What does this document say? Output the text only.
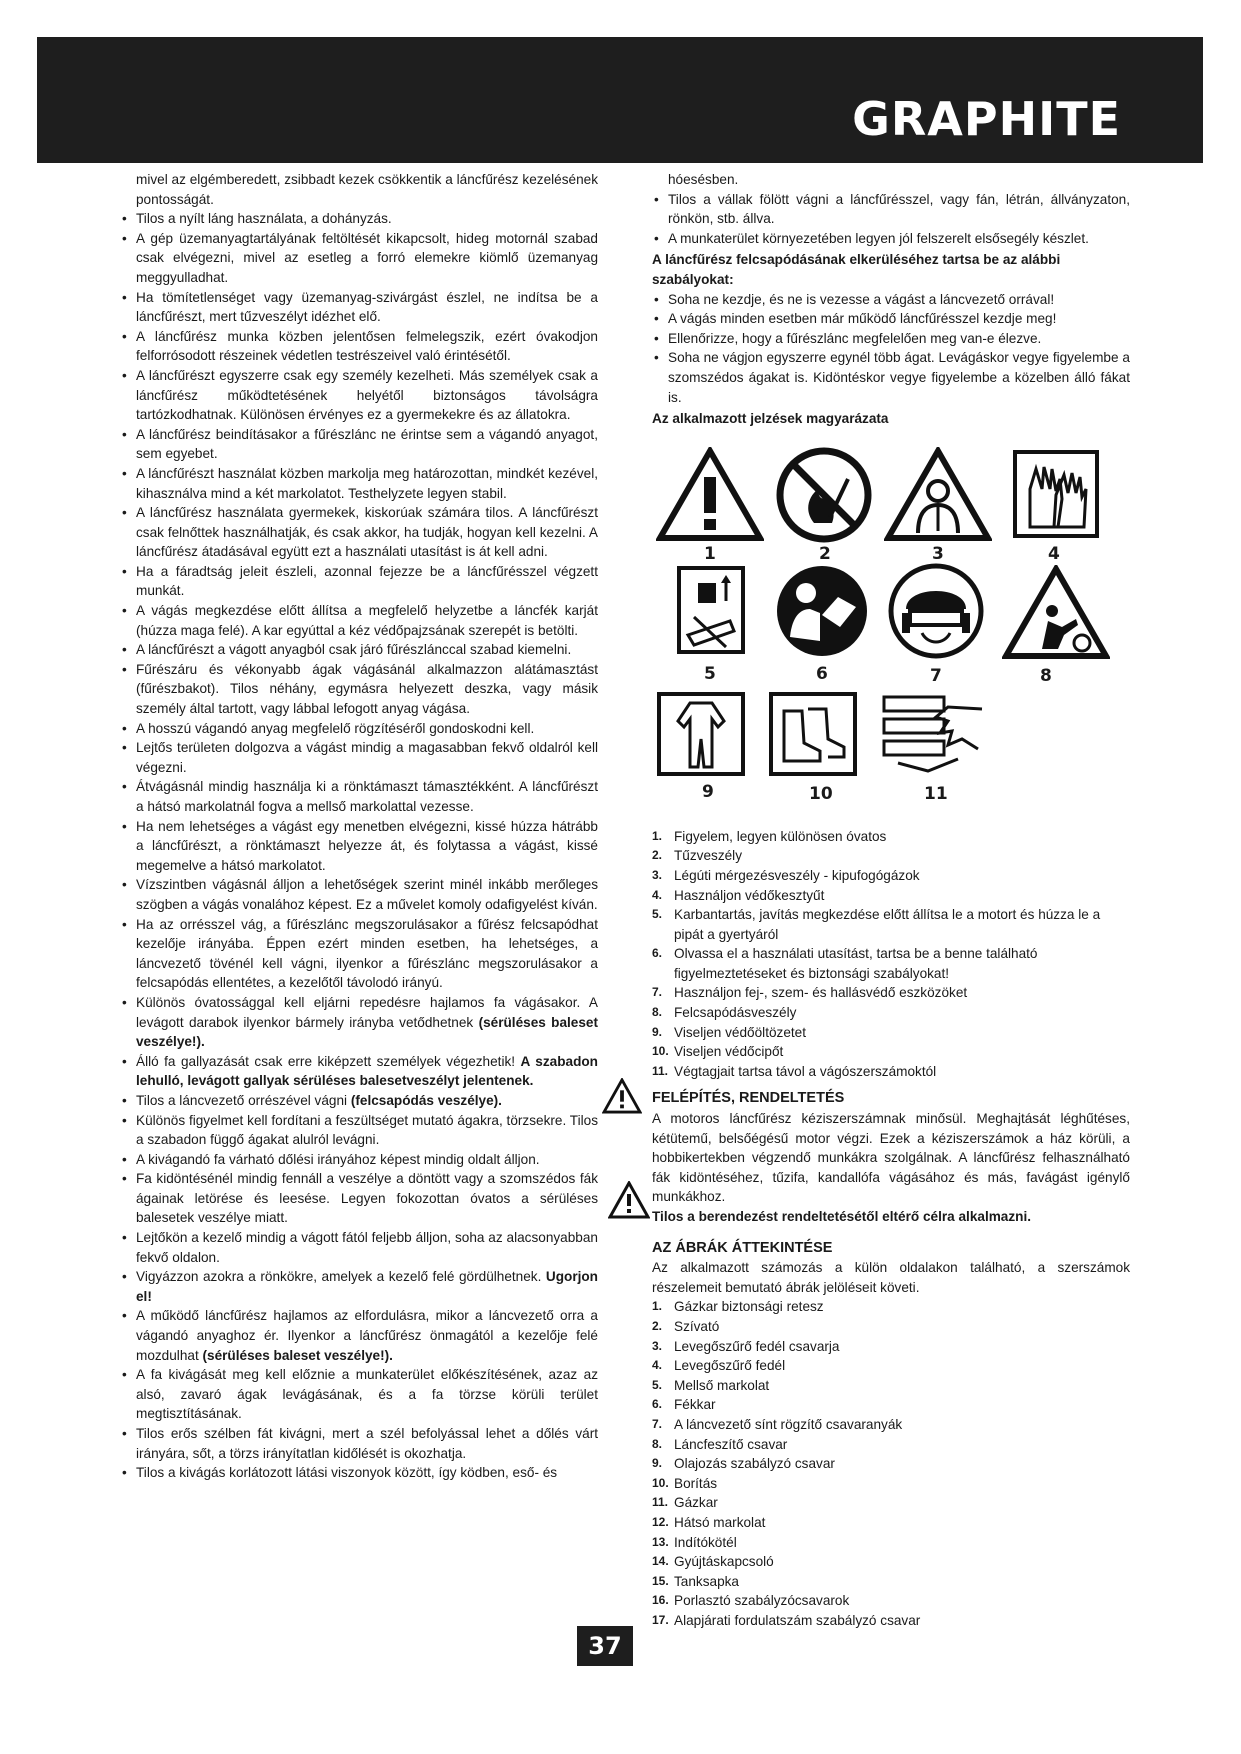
GRAPHITE
mivel az elgémberedett, zsibbadt kezek csökkentik a láncfűrész kezelésének pontosságát.
• Tilos a nyílt láng használata, a dohányzás.
• A gép üzemanyagtartályának feltöltését kikapcsolt, hideg motornál szabad csak elvégezni, mivel az esetleg a forró elemekre kiömlő üzemanyag meggyulladhat.
• Ha tömítetlenséget vagy üzemanyag-szivárgást észlel, ne indítsa be a láncfűrészt, mert tűzveszélyt idézhet elő.
• A láncfűrész munka közben jelentősen felmelegszik, ezért óvakodjon felforrósodott részeinek védetlen testrészeivel való érintésétől.
• A láncfűrészt egyszerre csak egy személy kezelheti. Más személyek csak a láncfűrész működtetésének helyétől biztonságos távolságra tartózkodhatnak. Különösen érvényes ez a gyermekekre és az állatokra.
• A láncfűrész beindításakor a fűrészlánc ne érintse sem a vágandó anyagot, sem egyebet.
• A láncfűrészt használat közben markolja meg határozottan, mindkét kezével, kihasználva mind a két markolatot. Testhelyzete legyen stabil.
• A láncfűrész használata gyermekek, kiskorúak számára tilos. A láncfűrészt csak felnőttek használhatják, és csak akkor, ha tudják, hogyan kell kezelni. A láncfűrész átadásával együtt ezt a használati utasítást is át kell adni.
• Ha a fáradtság jeleit észleli, azonnal fejezze be a láncfűrésszel végzett munkát.
• A vágás megkezdése előtt állítsa a megfelelő helyzetbe a láncfék karját (húzza maga felé). A kar egyúttal a kéz védőpajzsának szerepét is betölti.
• A láncfűrészt a vágott anyagból csak járó fűrészlánccal szabad kiemelni.
• Fűrészáru és vékonyabb ágak vágásánál alkalmazzon alátámasztást (fűrészbakot). Tilos néhány, egymásra helyezett deszka, vagy másik személy által tartott, vagy lábbal lefogott anyag vágása.
• A hosszú vágandó anyag megfelelő rögzítéséről gondoskodni kell.
• Lejtős területen dolgozva a vágást mindig a magasabban fekvő oldalról kell végezni.
• Átvágásnál mindig használja ki a rönktámaszt támasztékként. A láncfűrészt a hátsó markolatnál fogva a mellső markolattal vezesse.
• Ha nem lehetséges a vágást egy menetben elvégezni, kissé húzza hátrább a láncfűrészt, a rönktámaszt helyezze át, és folytassa a vágást, kissé megemelve a hátsó markolatot.
• Vízszintben vágásnál álljon a lehetőségek szerint minél inkább merőleges szögben a vágás vonalához képest. Ez a művelet komoly odafigyelést kíván.
• Ha az orrésszel vág, a fűrészlánc megszorulásakor a fűrész felcsapódhat kezelője irányába. Éppen ezért minden esetben, ha lehetséges, a láncvezető tövénél kell vágni, ilyenkor a fűrészlánc megszorulásakor a felcsapódás ellentétes, a kezelőtől távolodó irányú.
• Különös óvatossággal kell eljárni repedésre hajlamos fa vágásakor. A levágott darabok ilyenkor bármely irányba vetődhetnek (sérüléses baleset veszélye!).
• Álló fa gallyazását csak erre kiképzett személyek végezhetik! A szabadon lehulló, levágott gallyak sérüléses balesetveszélyt jelentenek.
• Tilos a láncvezető orrészével vágni (felcsapódás veszélye).
• Különös figyelmet kell fordítani a feszültséget mutató ágakra, törzsekre. Tilos a szabadon függő ágakat alulról levágni.
• A kivágandó fa várható dőlési irányához képest mindig oldalt álljon.
• Fa kidöntésénél mindig fennáll a veszélye a döntött vagy a szomszédos fák ágainak letörése és leesése. Legyen fokozottan óvatos a sérüléses balesetek veszélye miatt.
• Lejtőkön a kezelő mindig a vágott fától feljebb álljon, soha az alacsonyabban fekvő oldalon.
• Vigyázzon azokra a rönkökre, amelyek a kezelő felé gördülhetnek. Ugorjon el!
• A működő láncfűrész hajlamos az elfordulásra, mikor a láncvezető orra a vágandó anyaghoz ér. Ilyenkor a láncfűrész önmagától a kezelője felé mozdulhat (sérüléses baleset veszélye!).
• A fa kivágását meg kell előznie a munkaterület előkészítésének, azaz az alsó, zavaró ágak levágásának, és a fa törzse körüli terület megtisztításának.
• Tilos erős szélben fát kivágni, mert a szél befolyással lehet a dőlés várt irányára, sőt, a törzs irányítatlan kidőlését is okozhatja.
• Tilos a kivágás korlátozott látási viszonyok között, így ködben, eső- és
hóesésben.
• Tilos a vállak fölött vágni a láncfűrésszel, vagy fán, létrán, állványzaton, rönkön, stb. állva.
• A munkaterület környezetében legyen jól felszerelt elsősegély készlet.
A láncfűrész felcsapódásának elkerüléséhez tartsa be az alábbi szabályokat:
• Soha ne kezdje, és ne is vezesse a vágást a láncvezető orrával!
• A vágás minden esetben már működő láncfűrésszel kezdje meg!
• Ellenőrizze, hogy a fűrészlánc megfelelően meg van-e élezve.
• Soha ne vágjon egyszerre egynél több ágat. Levágáskor vegye figyelembe a szomszédos ágakat is. Kidöntéskor vegye figyelembe a közelben álló fákat is.
Az alkalmazott jelzések magyarázata
1	2	3	4
5	6	7	8
9	10	11
1. Figyelem, legyen különösen óvatos
2. Tűzveszély
3. Légúti mérgezésveszély - kipufogógázok
4. Használjon védőkesztyűt
5. Karbantartás, javítás megkezdése előtt állítsa le a motort és húzza le a pipát a gyertyáról
6. Olvassa el a használati utasítást, tartsa be a benne található figyelmeztetéseket és biztonsági szabályokat!
7. Használjon fej-, szem- és hallásvédő eszközöket
8. Felcsapódásveszély
9. Viseljen védőöltözetet
10. Viseljen védőcipőt
11. Végtagjait tartsa távol a vágószerszámoktól
FELÉPÍTÉS, RENDELTETÉS

A motoros láncfűrész kéziszerszámnak minősül. Meghajtását léghűtéses, kétütemű, belsőégésű motor végzi. Ezek a kéziszerszámok a ház körüli, a hobbikertekben végzendő munkákra szolgálnak. A láncfűrész felhasználható fák kidöntéséhez, tűzifa, kandallófa vágásához és más, favágást igénylő munkákhoz.

Tilos a berendezést rendeltetésétől eltérő célra alkalmazni.

AZ ÁBRÁK ÁTTEKINTÉSE

Az alkalmazott számozás a külön oldalakon található, a szerszámok részelemeit bemutató ábrák jelöléseit követi.

1. Gázkar biztonsági retesz
2. Szívató
3. Levegőszűrő fedél csavarja
4. Levegőszűrő fedél
5. Mellső markolat
6. Fékkar
7. A láncvezető sínt rögzítő csavaranyák
8. Láncfeszítő csavar
9. Olajozás szabályzó csavar
10. Borítás
11. Gázkar
12. Hátsó markolat
13. Indítókötél
14. Gyújtáskapcsoló
15. Tanksapka
16. Porlasztó szabályzócsavarok
17. Alapjárati fordulatszám szabályzó csavar
37
